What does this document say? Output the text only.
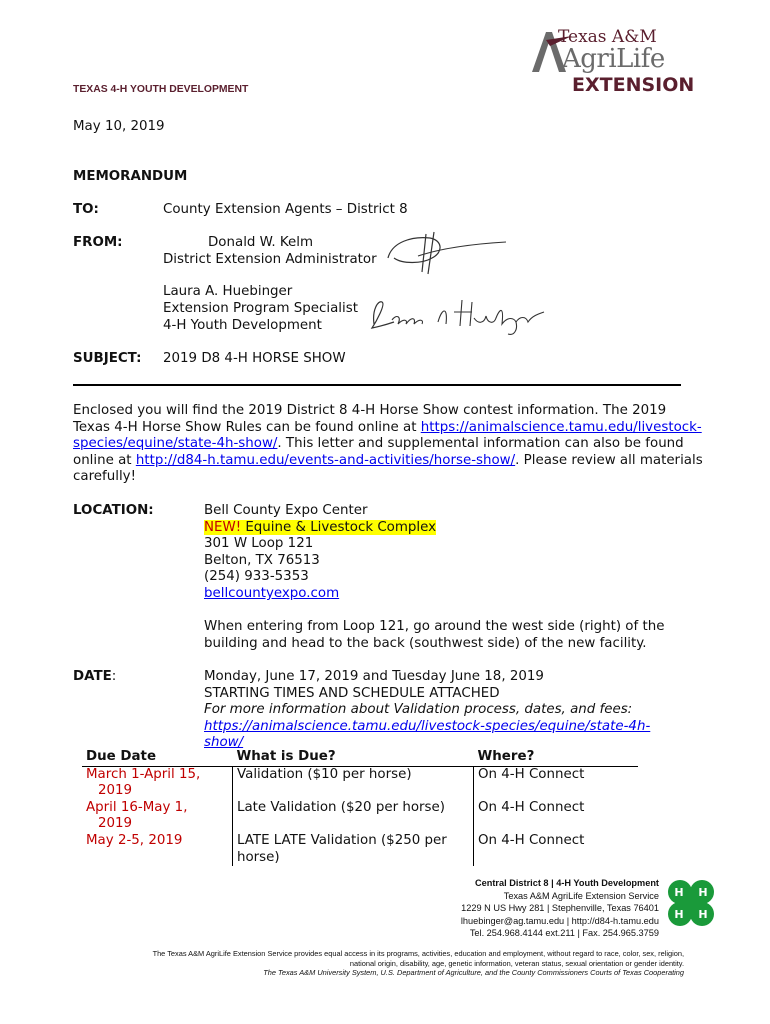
TEXAS 4-H YOUTH DEVELOPMENT
Texas A&M
AgriLife
EXTENSION
May 10, 2019
MEMORANDUM
TO:	County Extension Agents – District 8
FROM:	Donald W. Kelm
District Extension Administrator
Laura A. Huebinger
Extension Program Specialist
4-H Youth Development
SUBJECT: 2019 D8 4-H HORSE SHOW
Enclosed you will find the 2019 District 8 4-H Horse Show contest information. The 2019 Texas 4-H Horse Show Rules can be found online at https://animalscience.tamu.edu/livestock-species/equine/state-4h-show/. This letter and supplemental information can also be found online at http://d84-h.tamu.edu/events-and-activities/horse-show/. Please review all materials carefully!
LOCATION:	Bell County Expo Center
NEW! Equine & Livestock Complex
301 W Loop 121
Belton, TX 76513
(254) 933-5353
bellcountyexpo.com
When entering from Loop 121, go around the west side (right) of the building and head to the back (southwest side) of the new facility.
DATE:	Monday, June 17, 2019 and Tuesday June 18, 2019
STARTING TIMES AND SCHEDULE ATTACHED
For more information about Validation process, dates, and fees:
https://animalscience.tamu.edu/livestock-species/equine/state-4h-show/
Due Date	What is Due?	Where?
March 1-April 15,
2019	Validation ($10 per horse)	On 4-H Connect
April 16-May 1,
2019	Late Validation ($20 per horse)	On 4-H Connect
May 2-5, 2019	LATE LATE Validation ($250 per horse)	On 4-H Connect
Central District 8 | 4-H Youth Development
Texas A&M AgriLife Extension Service
1229 N US Hwy 281 | Stephenville, Texas 76401
lhuebinger@ag.tamu.edu | http://d84-h.tamu.edu
Tel. 254.968.4144 ext.211 | Fax. 254.965.3759
H H
H H
The Texas A&M AgriLife Extension Service provides equal access in its programs, activities, education and employment, without regard to race, color, sex, religion,
national origin, disability, age, genetic information, veteran status, sexual orientation or gender identity.
The Texas A&M University System, U.S. Department of Agriculture, and the County Commissioners Courts of Texas Cooperating
